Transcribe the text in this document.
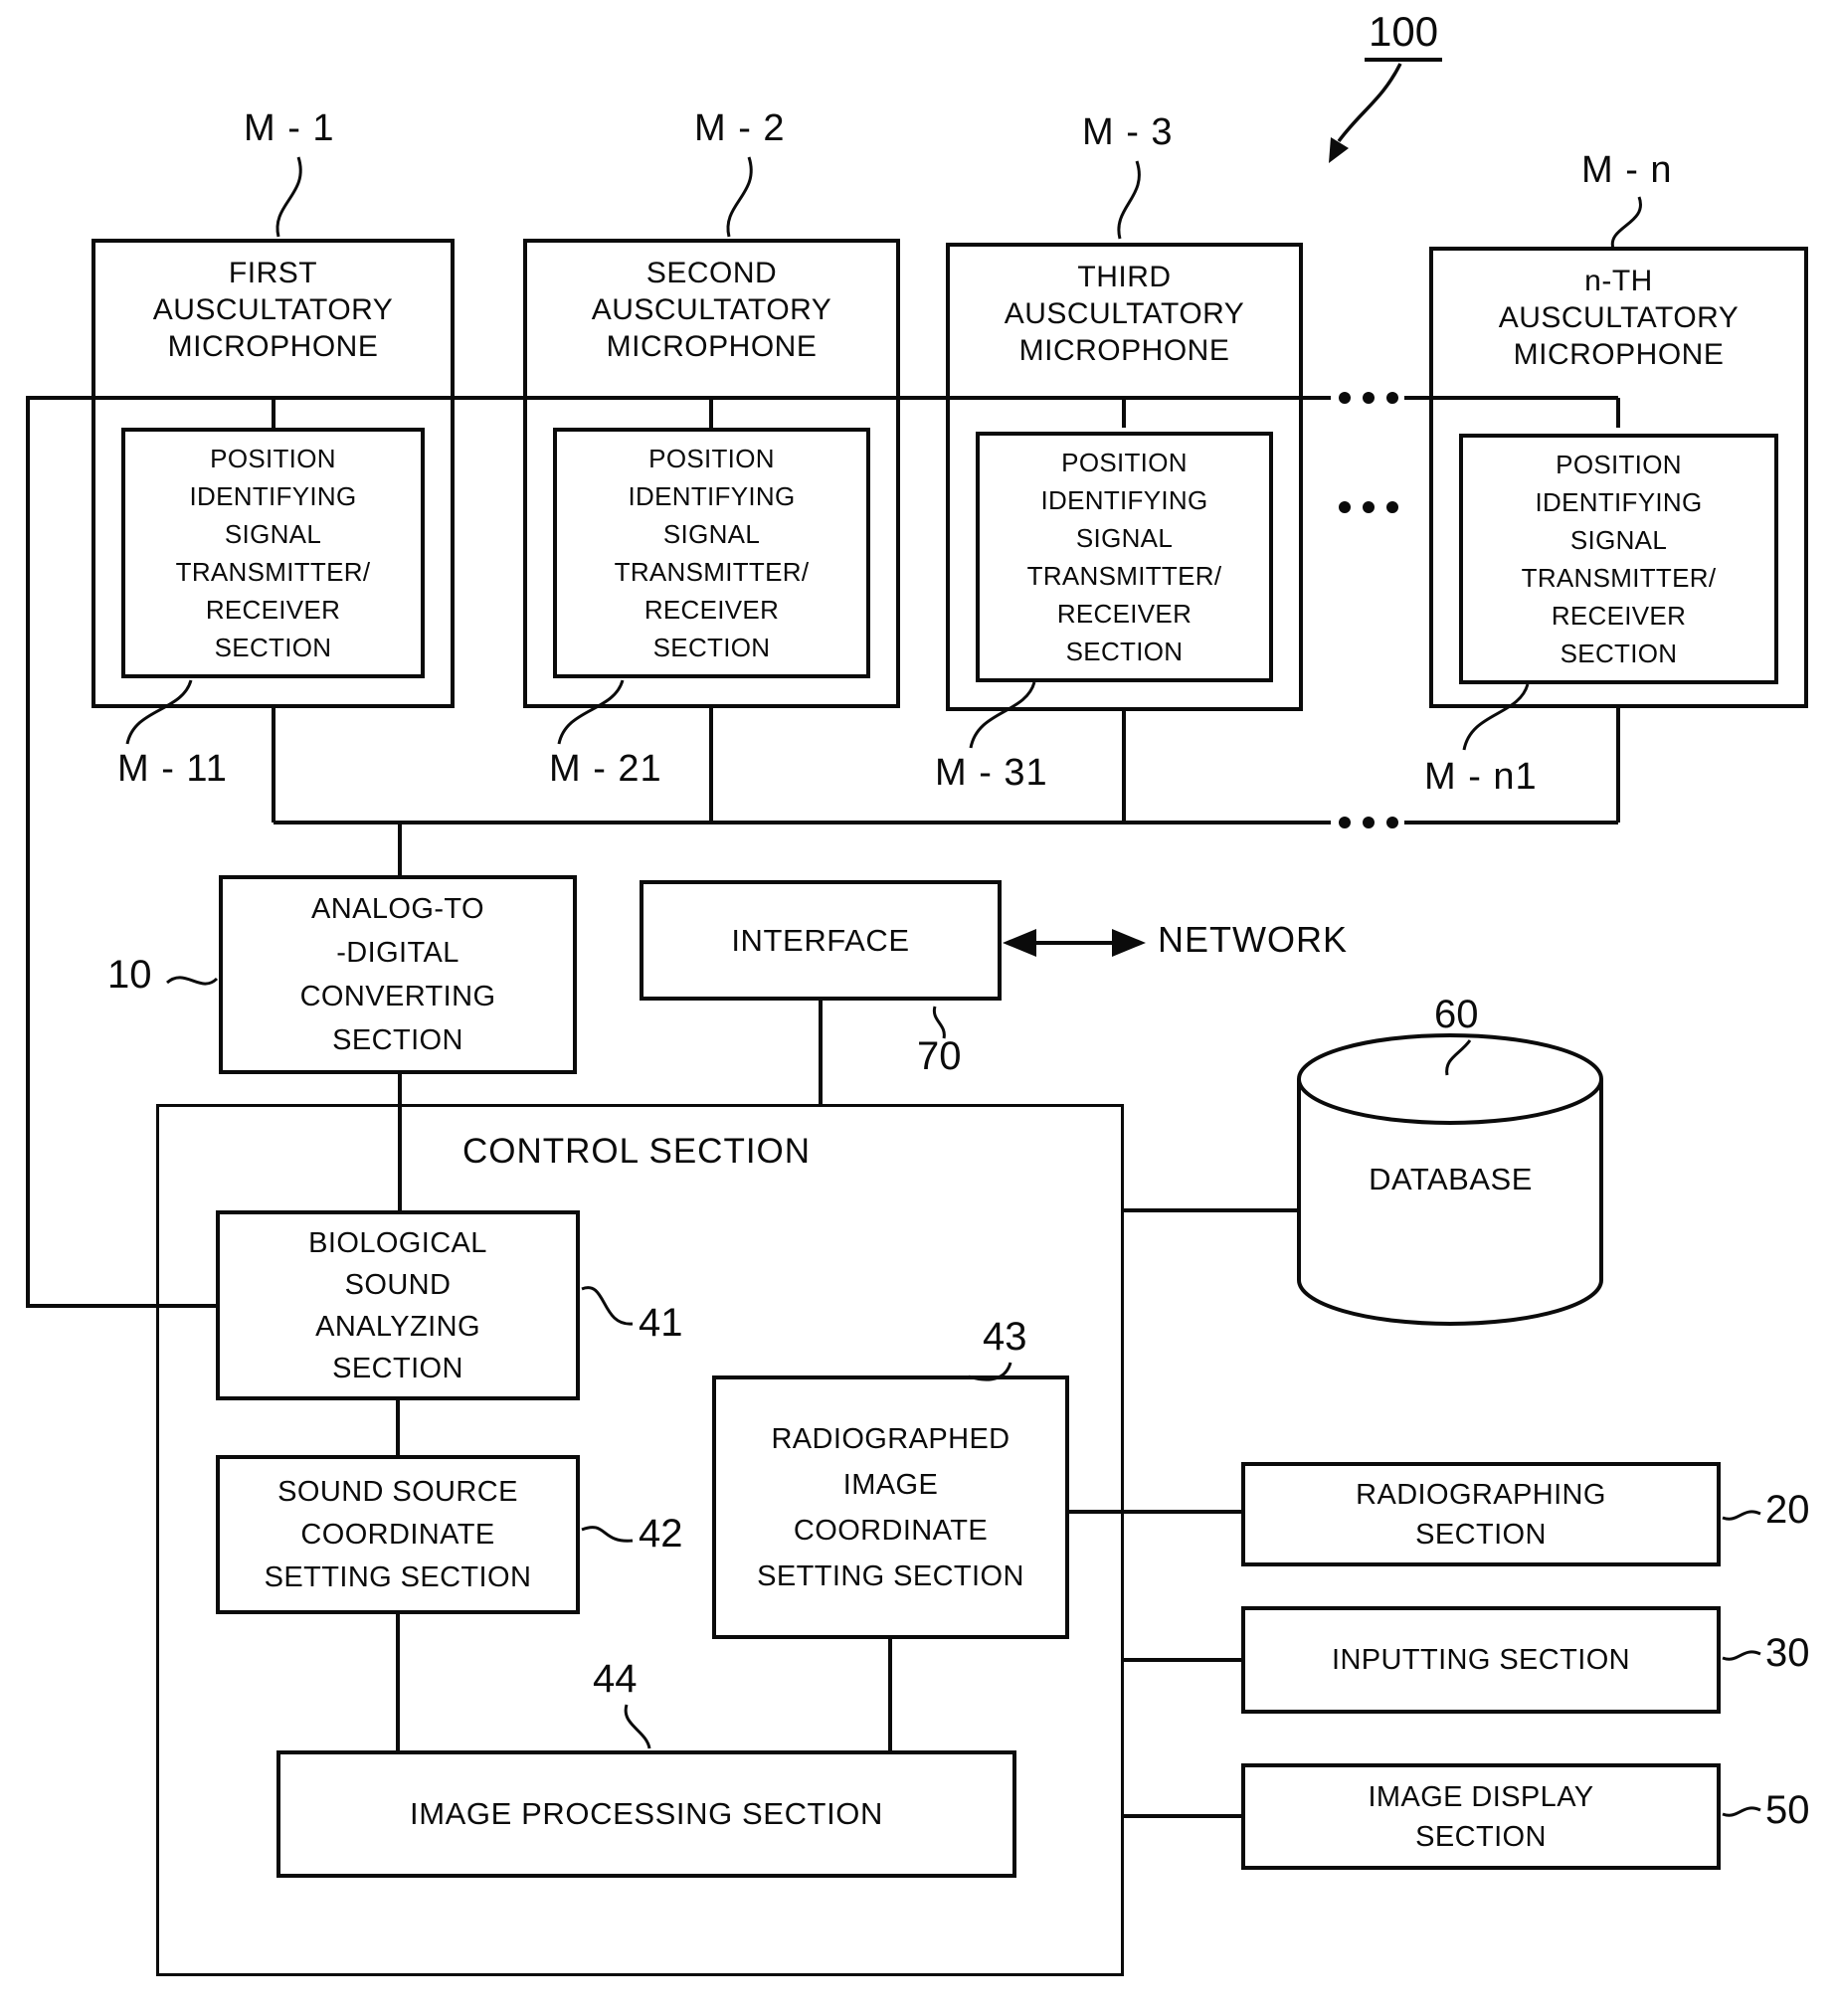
100
M - 1	M - 2	M - 3
M - n
FIRST
AUSCULTATORY
MICROPHONE
SECOND
AUSCULTATORY
MICROPHONE
THIRD
AUSCULTATORY
MICROPHONE
n-TH
AUSCULTATORY
MICROPHONE
POSITION
IDENTIFYING
SIGNAL
TRANSMITTER/
RECEIVER
SECTION
POSITION
IDENTIFYING
SIGNAL
TRANSMITTER/
RECEIVER
SECTION
POSITION
IDENTIFYING
SIGNAL
TRANSMITTER/
RECEIVER
SECTION
POSITION
IDENTIFYING
SIGNAL
TRANSMITTER/
RECEIVER
SECTION
M - 11	M - 21	M - 31	M - n1
ANALOG-TO
-DIGITAL
CONVERTING
SECTION
10
INTERFACE
70
NETWORK
DATABASE
60
CONTROL SECTION
BIOLOGICAL
SOUND
ANALYZING
SECTION
41
SOUND SOURCE
COORDINATE
SETTING SECTION
42
RADIOGRAPHED
IMAGE
COORDINATE
SETTING SECTION
43
IMAGE PROCESSING SECTION
44
RADIOGRAPHING
SECTION
20
INPUTTING SECTION	30
IMAGE DISPLAY
SECTION
50
